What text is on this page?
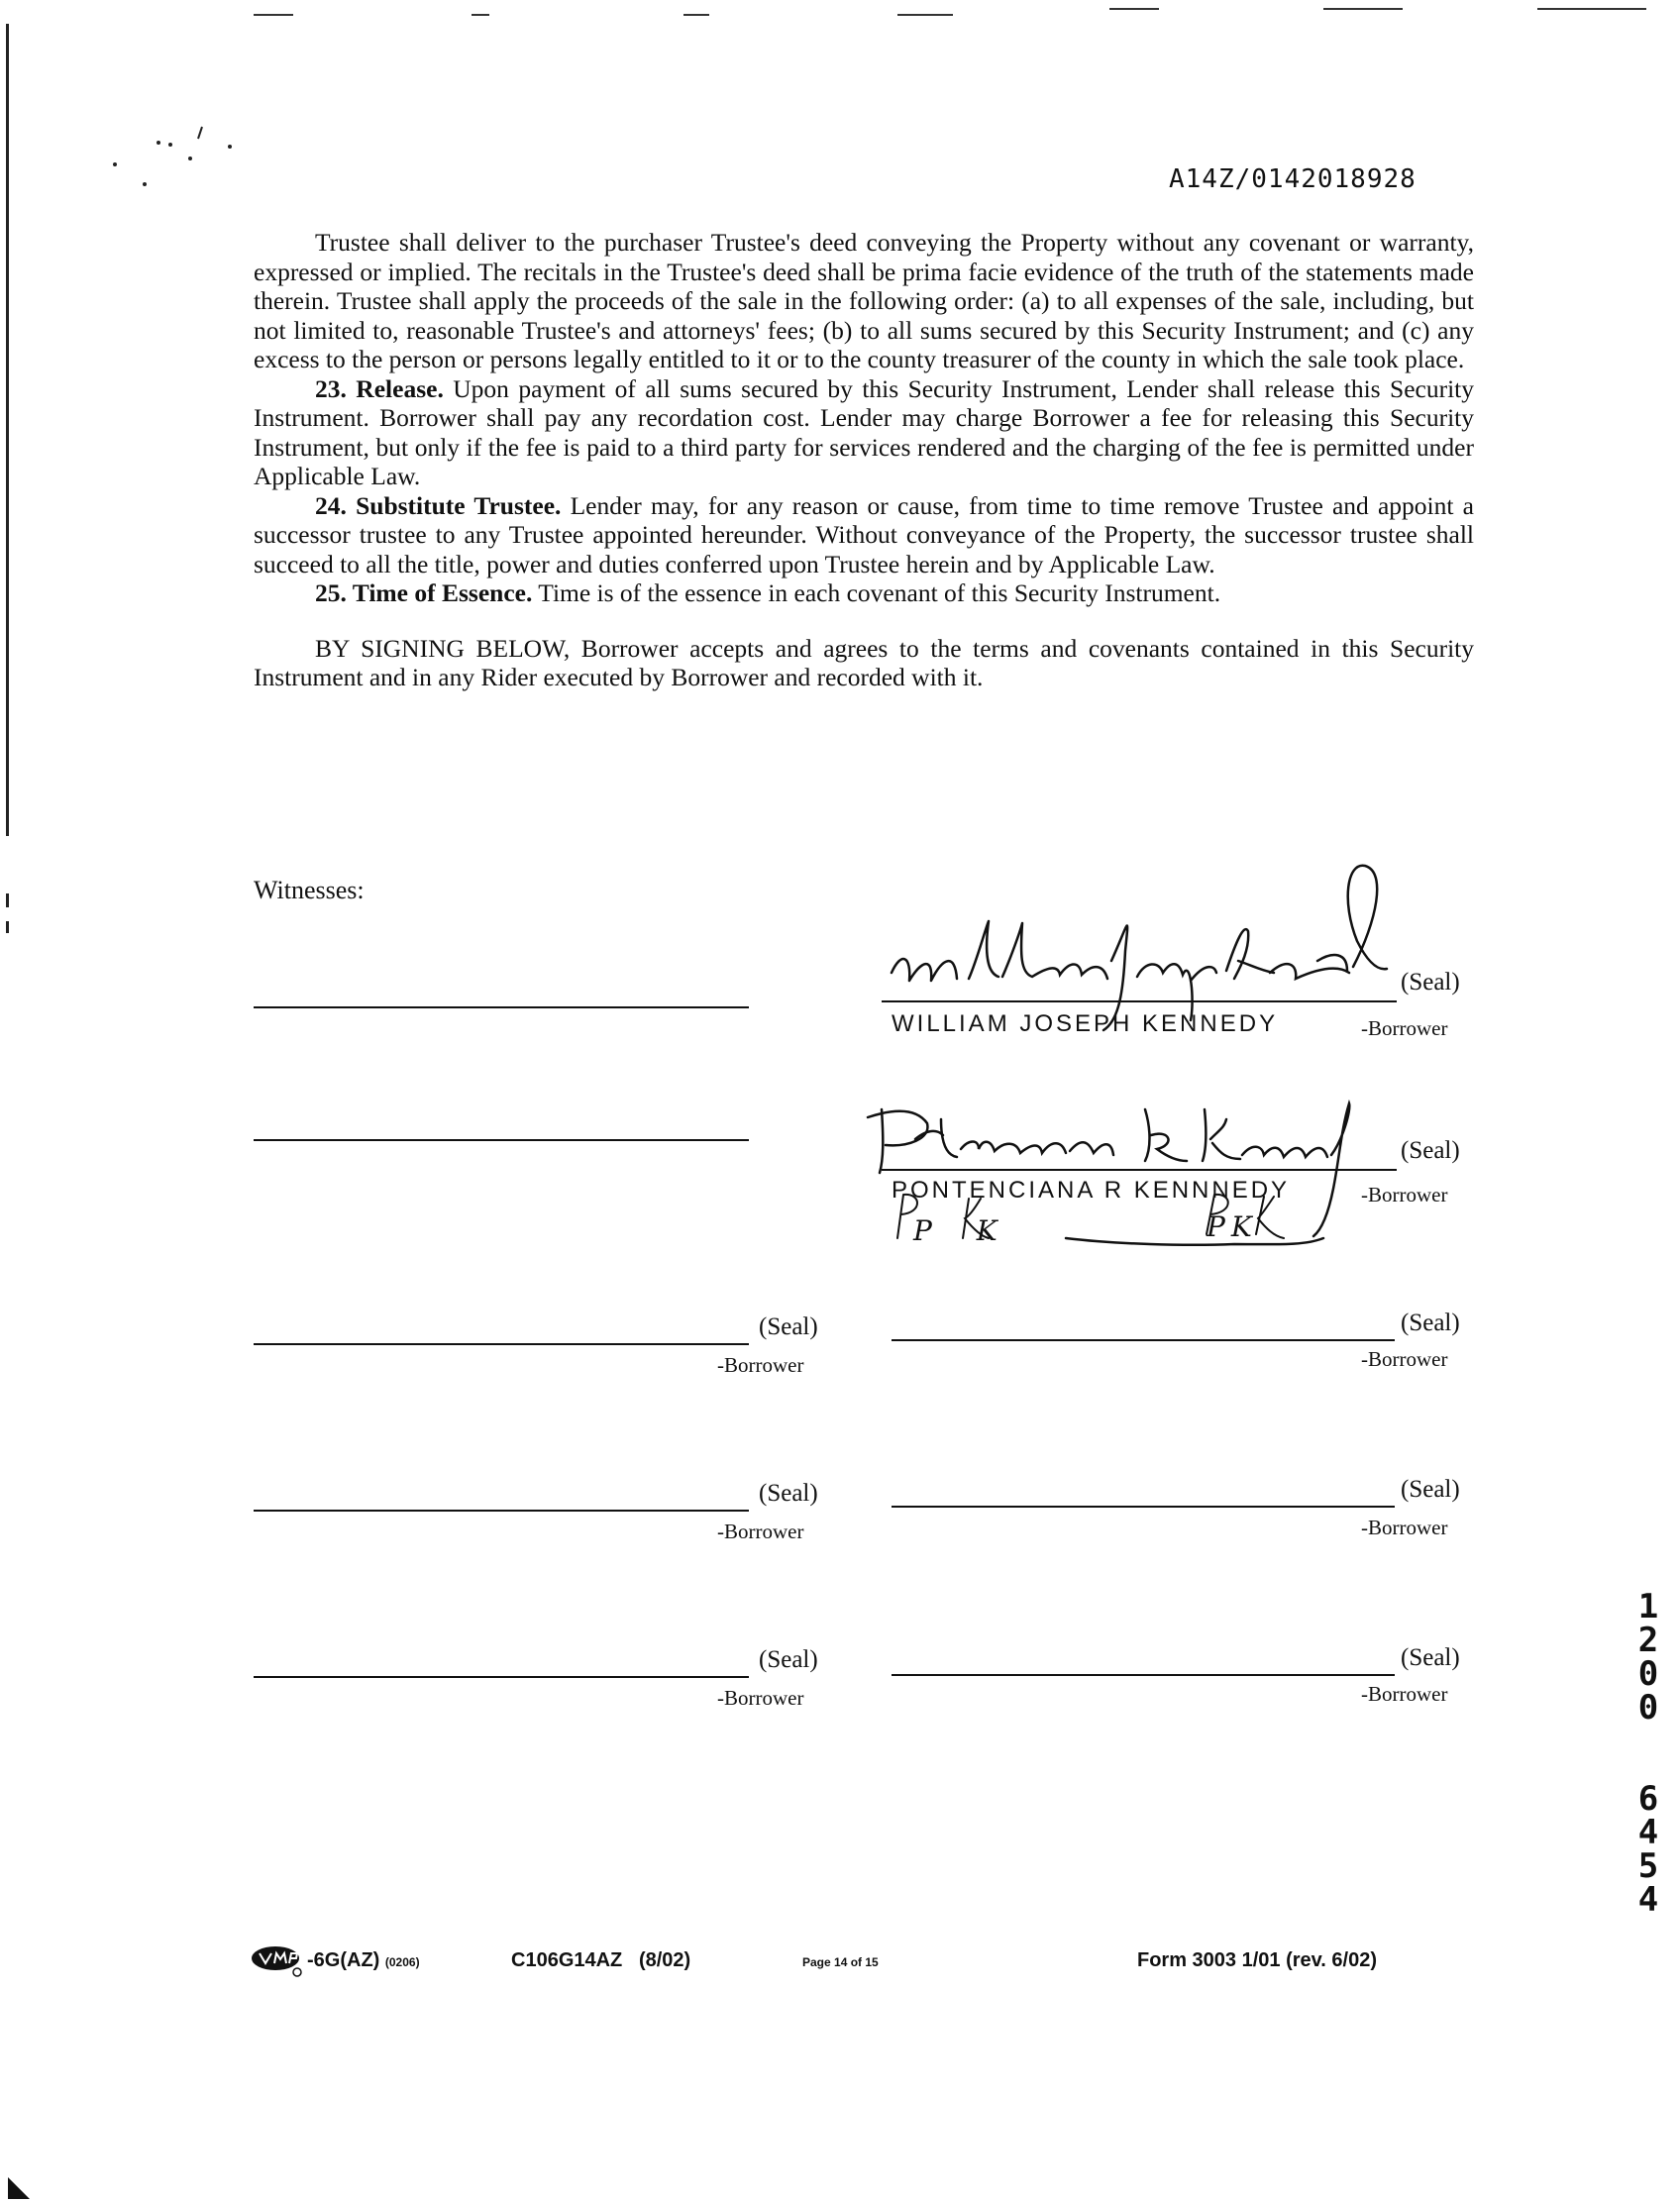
A14Z/0142018928

Trustee shall deliver to the purchaser Trustee's deed conveying the Property without any covenant or warranty, expressed or implied. The recitals in the Trustee's deed shall be prima facie evidence of the truth of the statements made therein. Trustee shall apply the proceeds of the sale in the following order: (a) to all expenses of the sale, including, but not limited to, reasonable Trustee's and attorneys' fees; (b) to all sums secured by this Security Instrument; and (c) any excess to the person or persons legally entitled to it or to the county treasurer of the county in which the sale took place.

23. Release. Upon payment of all sums secured by this Security Instrument, Lender shall release this Security Instrument. Borrower shall pay any recordation cost. Lender may charge Borrower a fee for releasing this Security Instrument, but only if the fee is paid to a third party for services rendered and the charging of the fee is permitted under Applicable Law.

24. Substitute Trustee. Lender may, for any reason or cause, from time to time remove Trustee and appoint a successor trustee to any Trustee appointed hereunder. Without conveyance of the Property, the successor trustee shall succeed to all the title, power and duties conferred upon Trustee herein and by Applicable Law.

25. Time of Essence. Time is of the essence in each covenant of this Security Instrument.

BY SIGNING BELOW, Borrower accepts and agrees to the terms and covenants contained in this Security Instrument and in any Rider executed by Borrower and recorded with it.

Witnesses:
(Seal)
WILLIAM JOSEPH KENNEDY	-Borrower
(Seal)
PONTENCIANA R KENNNEDY	-Borrower
P K	PK
(Seal)
-Borrower
(Seal)
-Borrower
(Seal)
-Borrower
(Seal)
-Borrower
(Seal)
-Borrower
(Seal)
-Borrower
-6G(AZ) (0206)	C106G14AZ (8/02)	Page 14 of 15	Form 3003 1/01 (rev. 6/02)
1
2
0
0
6
4
5
4
